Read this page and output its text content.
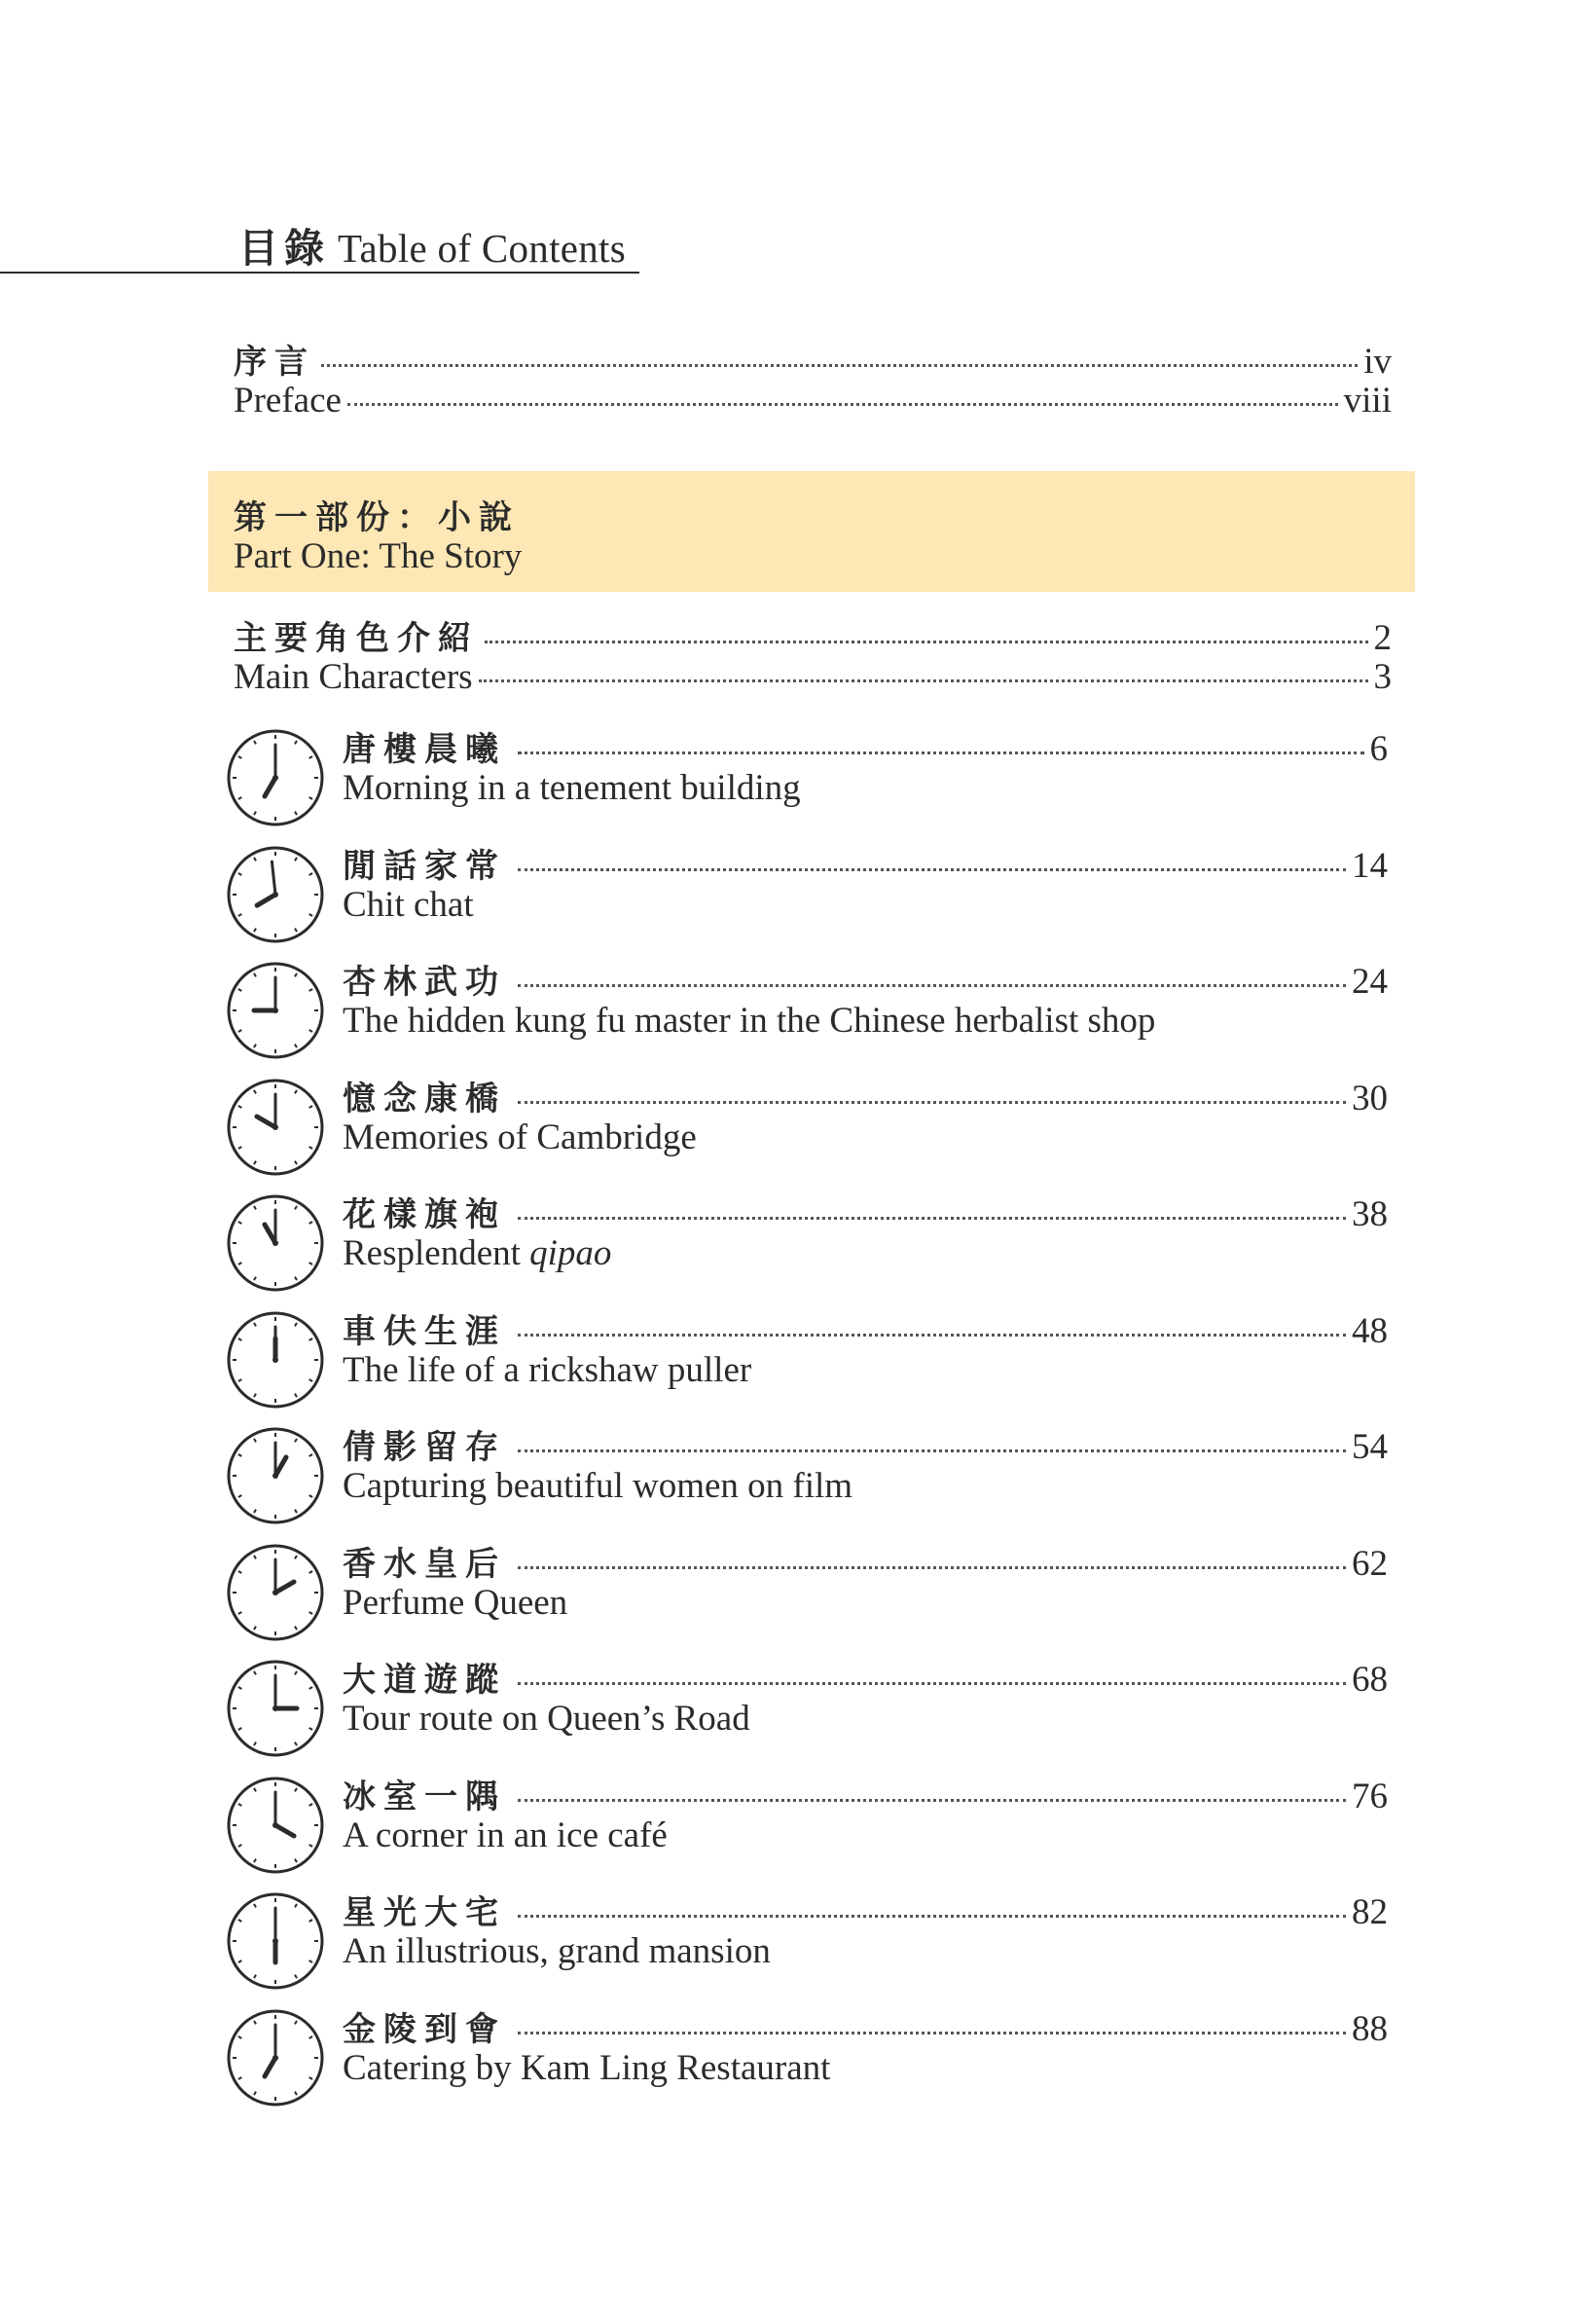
目錄 Table of Contents
序言	iv
Preface	viii
第一部份：小說
Part One: The Story
主要角色介紹	2
Main Characters	3
唐樓晨曦	6
Morning in a tenement building
閒話家常	14
Chit chat
杏林武功	24
The hidden kung fu master in the Chinese herbalist shop
憶念康橋	30
Memories of Cambridge
花樣旗袍	38
Resplendent qipao
車伕生涯	48
The life of a rickshaw puller
倩影留存	54
Capturing beautiful women on film
香水皇后	62
Perfume Queen
大道遊蹤	68
Tour route on Queen’s Road
冰室一隅	76
A corner in an ice café
星光大宅	82
An illustrious, grand mansion
金陵到會	88
Catering by Kam Ling Restaurant
